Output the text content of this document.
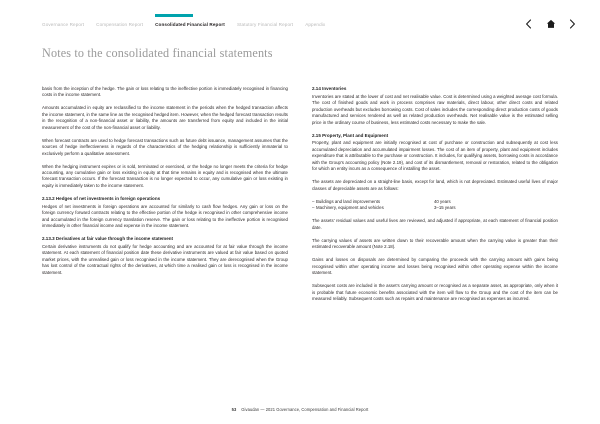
Governance Report	Compensation Report	Consolidated Financial Report	Statutory Financial Report	Appendix
Notes to the consolidated financial statements

basis from the inception of the hedge. The gain or loss relating to the ineffective portion is immediately recognised in financing costs in the income statement.

Amounts accumulated in equity are reclassified to the income statement in the periods when the hedged transaction affects the income statement, in the same line as the recognised hedged item. However, when the hedged forecast transaction results in the recognition of a non-financial asset or liability, the amounts are transferred from equity and included in the initial measurement of the cost of the non-financial asset or liability.

When forecast contracts are used to hedge forecast transactions such as future debt issuance, management assumes that the sources of hedge ineffectiveness in regards of the characteristics of the hedging relationship is sufficiently immaterial to exclusively perform a qualitative assessment.

When the hedging instrument expires or is sold, terminated or exercised, or the hedge no longer meets the criteria for hedge accounting, any cumulative gain or loss existing in equity at that time remains in equity and is recognised when the ultimate forecast transaction occurs. If the forecast transaction is no longer expected to occur, any cumulative gain or loss existing in equity is immediately taken to the income statement.

2.13.2 Hedges of net investments in foreign operations

Hedges of net investments in foreign operations are accounted for similarly to cash flow hedges. Any gain or loss on the foreign currency forward contracts relating to the effective portion of the hedge is recognised in other comprehensive income and accumulated in the foreign currency translation reserve. The gain or loss relating to the ineffective portion is recognised immediately in other financial income and expense in the income statement.

2.13.3 Derivatives at fair value through the income statement

Certain derivative instruments do not qualify for hedge accounting and are accounted for at fair value through the income statement. At each statement of financial position date these derivative instruments are valued at fair value based on quoted market prices, with the unrealised gain or loss recognised in the income statement. They are derecognised when the Group has lost control of the contractual rights of the derivatives, at which time a realised gain or loss is recognised in the income statement.

2.14 Inventories

Inventories are stated at the lower of cost and net realisable value. Cost is determined using a weighted average cost formula. The cost of finished goods and work in process comprises raw materials, direct labour, other direct costs and related production overheads but excludes borrowing costs. Cost of sales includes the corresponding direct production costs of goods manufactured and services rendered as well as related production overheads. Net realisable value is the estimated selling price in the ordinary course of business, less estimated costs necessary to make the sale.

2.15 Property, Plant and Equipment

Property, plant and equipment are initially recognised at cost of purchase or construction and subsequently at cost less accumulated depreciation and accumulated impairment losses. The cost of an item of property, plant and equipment includes expenditure that is attributable to the purchase or construction. It includes, for qualifying assets, borrowing costs in accordance with the Group's accounting policy (Note 2.19), and cost of its dismantlement, removal or restoration, related to the obligation for which an entity incurs as a consequence of installing the asset.

The assets are depreciated on a straight-line basis, except for land, which is not depreciated. Estimated useful lives of major classes of depreciable assets are as follows:

– Buildings and land improvements	40 years
– Machinery, equipment and vehicles	3–15 years

The assets' residual values and useful lives are reviewed, and adjusted if appropriate, at each statement of financial position date.

The carrying values of assets are written down to their recoverable amount when the carrying value is greater than their estimated recoverable amount (Note 2.18).

Gains and losses on disposals are determined by comparing the proceeds with the carrying amount with gains being recognised within other operating income and losses being recognised within other operating expense within the income statement.

Subsequent costs are included in the asset's carrying amount or recognised as a separate asset, as appropriate, only when it is probable that future economic benefits associated with the item will flow to the Group and the cost of the item can be measured reliably. Subsequent costs such as repairs and maintenance are recognised as expenses as incurred.

53 Givaudan — 2021 Governance, Compensation and Financial Report
